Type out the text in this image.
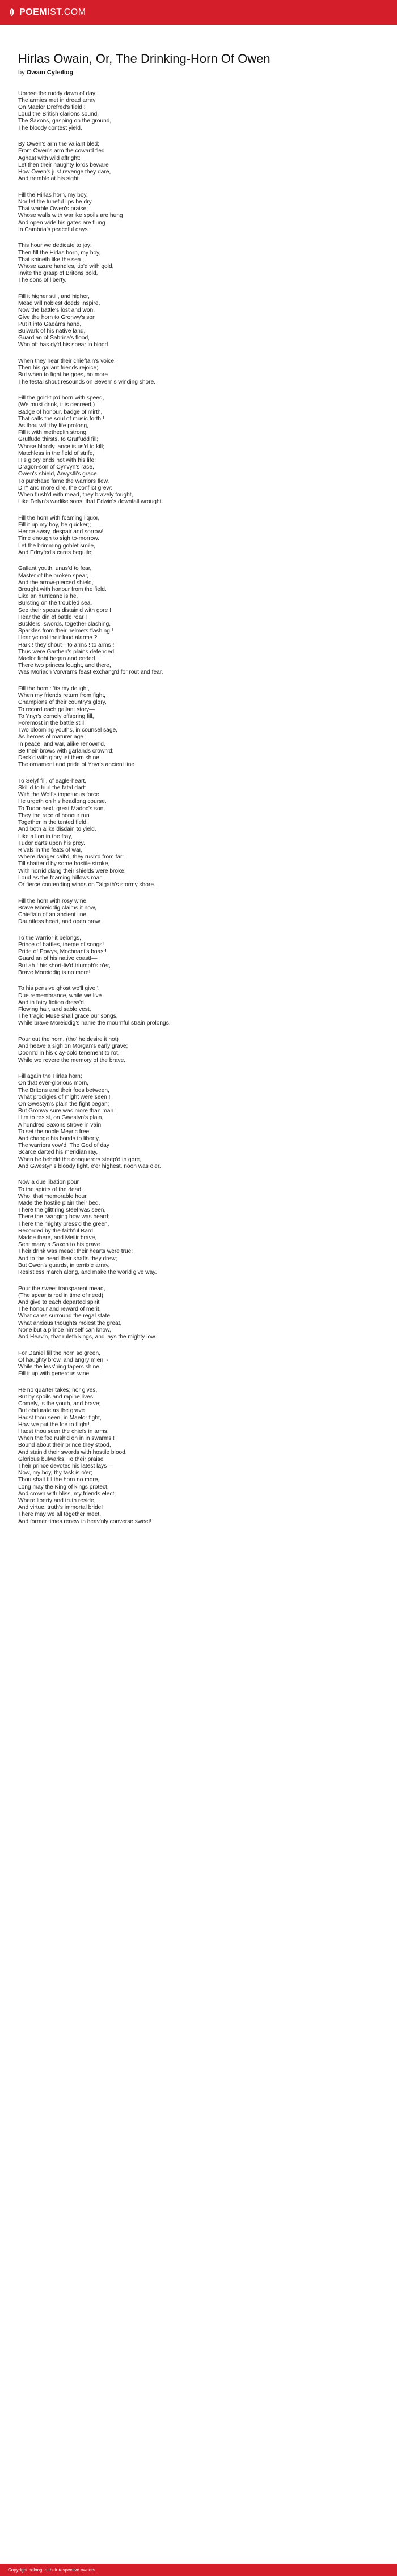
POEM IST.COM
Hirlas Owain, Or, The Drinking-Horn Of Owen

by Owain Cyfeiliog

Uprose the ruddy dawn of day;
The armies met in dread array
On Maelor Drefred's field :
Loud the British clarions sound,
The Saxons, gasping on the ground,
The bloody contest yield.

By Owen's arm the valiant bled;
From Owen's arm the coward fled
Aghast with wild affright:
Let then their haughty lords beware
How Owen's just revenge they dare,
And tremble at his sight.

Fill the Hirlas horn, my boy,
Nor let the tuneful lips be dry
That warble Owen's praise;
Whose walls with warlike spoils are hung
And open wide his gates are flung
In Cambria's peaceful days.

This hour we dedicate to joy;
Then fill the Hirlas horn, my boy,
That shineth like the sea ;
Whose azure handles, tip'd with gold,
Invite the grasp of Britons bold,
The sons of liberty.

Fill it higher still, and higher,
Mead will noblest deeds inspire.
Now the battle's lost and won.
Give the horn to Gronwy's son
Put it into Gaeán's hand,
Bulwark of his native land,
Guardian of Sabrina's flood,
Who oft has dy'd his spear in blood

When they hear their chieftain's voice,
Then his gallant friends rejoice;
But when to fight he goes, no more
The festal shout resounds on Severn's winding shore.

Fill the gold-tip'd horn with speed,
(We must drink, it is decreed.)
Badge of honour, badge of mirth,
That calls the soul of music forth !
As thou wilt thy life prolong,
Fill it with metheglin strong.
Gruffudd thirsts, to Gruffudd fill;
Whose bloody lance is us'd to kill;
Matchless in the field of strife,
His glory ends not with his life:
Dragon-son of Cynvyn's race,
Owen's shield, Arwystli's grace.
To purchase fame the warriors flew,
Dir^ and more dire, the conflict grew:
When flush'd with mead, they bravely fought,
Like Belyn's warlike sons, that Edwin's downfall wrought.

Fill the horn with foaming liquor,
Fill it up my boy, be quicker;;
Hence away, despair and sorrow!
Time enough to sigh to-morrow.
Let the brimming goblet smile,
And Ednyfed's cares beguile;

Gallant youth, unus'd to fear,
Master of the broken spear,
And the arrow-pierced shield,
Brought with honour from the field.
Like an hurricane is he,
Bursting on the troubled sea.
See their spears distain'd with gore !
Hear the din of battle roar !
Bucklers, swords, together clashing,
Sparkles from their helmets flashing !
Hear ye not their loud alarms ?
Hark ! they shout—to arms ! to arms !
Thus were Garthen's plains defended,
Maelor fight began and ended.
There two princes fought, and there,
Was Moriach Vorvran's feast exchang'd for rout and fear.

Fill the horn : 'tis my delight,
When my friends return from fight,
Champions of their country's glory,
To record each gallant story—
To Ynyr's comely offspring fill,
Foremost in the battle still;
Two blooming youths, in counsel sage,
As heroes of maturer age ;
In peace, and war, alike renown'd,
Be their brows with garlands crown'd;
Deck'd with glory let them shine,
The ornament and pride of Ynyr's ancient line

To Selyf fill, of eagle-heart,
Skill'd to hurl the fatal dart:
With the Wolf's impetuous force
He urgeth on his headlong course.
To Tudor next, great Madoc's son,
They the race of honour run
Together in the tented field,
And both alike disdain to yield.
Like a lion in the fray,
Tudor darts upon his prey.
Rivals in the feats of war,
Where danger call'd, they rush'd from far:
Till shatter'd by some hostile stroke,
With horrid clang their shields were broke;
Loud as the foaming billows roar,
Or fierce contending winds on Talgath's stormy shore.

Fill the horn with rosy wine,
Brave Moreiddig claims it now,
Chieftain of an ancient line,
Dauntless heart, and open brow.

To the warrior it belongs,
Prince of battles, theme of songs!
Pride of Powys, Mochnant's boast!
Guardian of his native coast!—
But ah ! his short-liv'd triumph's o'er,
Brave Moreiddig is no more!

To his pensive ghost we'll give '.
Due remembrance, while we live
And in fairy fiction dress'd,
Flowing hair, and sable vest,
The tragic Muse shall grace our songs,
While brave Moreiddig's name the mournful strain prolongs.

Pour out the horn, (tho' he desire it not)
And heave a sigh on Morgan's early grave;
Doom'd in his clay-cold tenement to rot,
While we revere the memory of the brave.

Fill again the Hirlas horn;
On that ever-glorious morn,
The Britons and their foes between,
What prodigies of might were seen !
On Gwestyn's plain the fight began;
But Gronwy sure was more than man !
Him to resist, on Gwestyn's plain,
A hundred Saxons strove in vain.
To set the noble Meyric free,
And change his bonds to liberty,
The warriors vow'd. The God of day
Scarce darted his meridian ray,
When he beheld the conquerors steep'd in gore,
And Gwestyn's bloody fight, e'er highest, noon was o'er.

Now a due libation pour
To the spirits of the dead,
Who, that memorable hour,
Made the hostile plain their bed.
There the glitt'ring steel was seen,
There the twanging bow was heard;
There the mighty press'd the green,
Recorded by the faithful Bard.
Madoe there, and Meilir brave,
Sent many a Saxon to his grave.
Their drink was mead; their hearts were true;
And to the head their shafts they drew;
But Owen's guards, in terrible array,
Resistless march along, and make the world give way.

Pour the sweet transparent mead,
(The spear is red in time of need)
And give to each departed spirit
The honour and reward of merit.
What cares surround the regal state,
What anxious thoughts molest the great,
None but a prince himself can know,
And Heav'n, that ruleth kings, and lays the mighty low.

For Daniel fill the horn so green,
Of haughty brow, and angry mien; -
While the less'ning tapers shine,
Fill it up with generous wine.

He no quarter takes; nor gives,
But by spoils and rapine lives.
Comely, is the youth, and brave;
But obdurate as the grave.
Hadst thou seen, in Maelor fight,
How we put the foe to flight!
Hadst thou seen the chiefs in arms,
When the foe rush'd on in in swarms !
Bound about their prince they stood,
And stain'd their swords with hostile blood.
Glorious bulwarks! To their praise
Their prince devotes his latest lays—
Now, my boy, thy task is o'er;
Thou shalt fill the horn no more,
Long may the King of kings protect,
And crown with bliss, my friends elect;
Where liberty and truth reside,
And virtue, truth's immortal bride!
There may we all together meet,
And former times renew in heav'nly converse sweet!

Copyright belong to their respective owners.
